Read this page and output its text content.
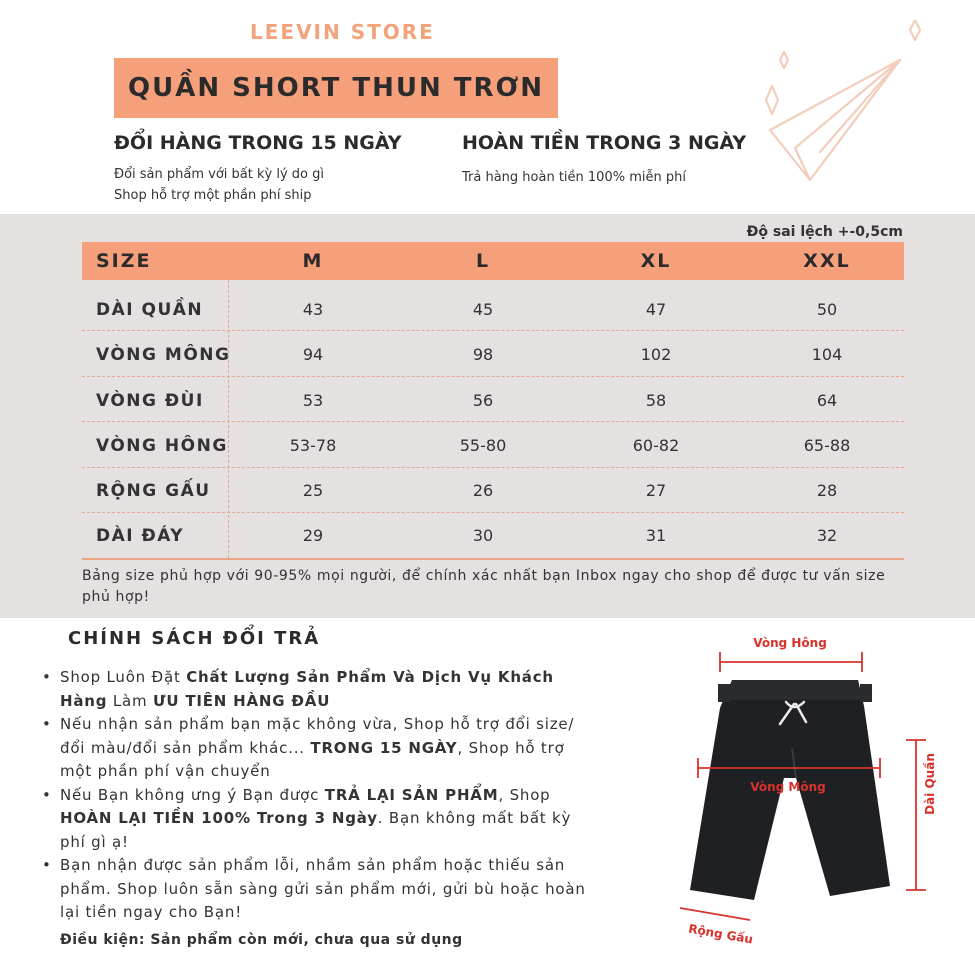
LEEVIN STORE
QUẦN SHORT THUN TRƠN
ĐỔI HÀNG TRONG 15 NGÀY
Đổi sản phẩm với bất kỳ lý do gì
Shop hỗ trợ một phần phí ship
HOÀN TIỀN TRONG 3 NGÀY
Trả hàng hoàn tiền 100% miễn phí
Độ sai lệch +-0,5cm
SIZE	M	L	XL	XXL
DÀI QUẦN	43	45	47	50
VÒNG MÔNG	94	98	102	104
VÒNG ĐÙI	53	56	58	64
VÒNG HÔNG	53-78	55-80	60-82	65-88
RỘNG GẤU	25	26	27	28
DÀI ĐÁY	29	30	31	32
Bảng size phủ hợp với 90-95% mọi người, để chính xác nhất bạn Inbox ngay cho shop để được tư vấn size phủ hợp!
CHÍNH SÁCH ĐỔI TRẢ
• Shop Luôn Đặt Chất Lượng Sản Phẩm Và Dịch Vụ Khách Hàng Làm ƯU TIÊN HÀNG ĐẦU
• Nếu nhận sản phẩm bạn mặc không vừa, Shop hỗ trợ đổi size/đổi màu/đổi sản phẩm khác... TRONG 15 NGÀY, Shop hỗ trợ một phần phí vận chuyển
• Nếu Bạn không ưng ý Bạn được TRẢ LẠI SẢN PHẨM, Shop HOÀN LẠI TIỀN 100% Trong 3 Ngày. Bạn không mất bất kỳ phí gì ạ!
• Bạn nhận được sản phẩm lỗi, nhầm sản phẩm hoặc thiếu sản phẩm. Shop luôn sẵn sàng gửi sản phẩm mới, gửi bù hoặc hoàn lại tiền ngay cho Bạn!
Điều kiện: Sản phẩm còn mới, chưa qua sử dụng
Vòng Hông
Vòng Mông	Dài Quần
Rộng Gấu
